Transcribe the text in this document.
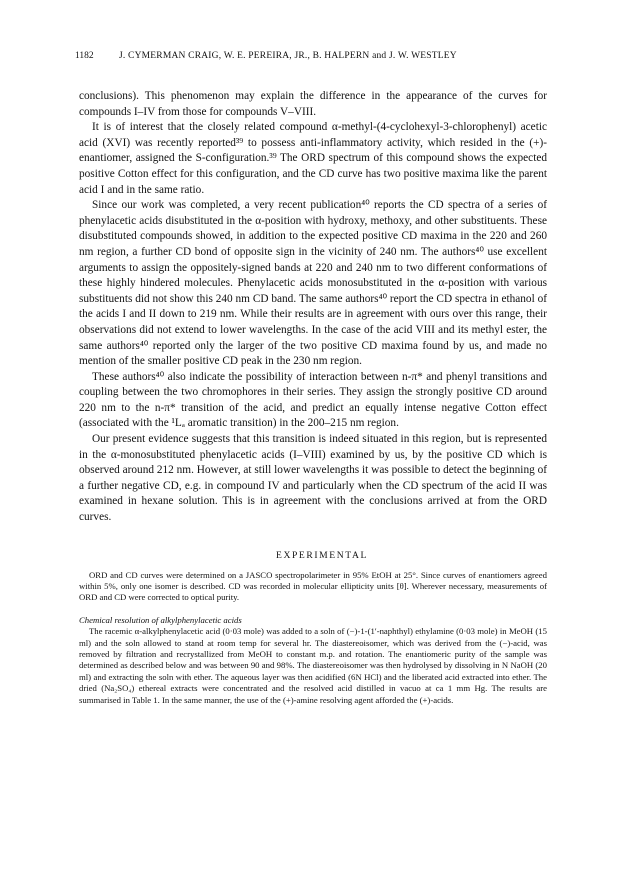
1182	J. CYMERMAN CRAIG, W. E. PEREIRA, JR., B. HALPERN and J. W. WESTLEY

conclusions). This phenomenon may explain the difference in the appearance of the curves for compounds I–IV from those for compounds V–VIII.

It is of interest that the closely related compound α-methyl-(4-cyclohexyl-3-chlorophenyl) acetic acid (XVI) was recently reported³⁹ to possess anti-inflammatory activity, which resided in the (+)-enantiomer, assigned the S-configuration.³⁹ The ORD spectrum of this compound shows the expected positive Cotton effect for this configuration, and the CD curve has two positive maxima like the parent acid I and in the same ratio.

Since our work was completed, a very recent publication⁴⁰ reports the CD spectra of a series of phenylacetic acids disubstituted in the α-position with hydroxy, methoxy, and other substituents. These disubstituted compounds showed, in addition to the expected positive CD maxima in the 220 and 260 nm region, a further CD bond of opposite sign in the vicinity of 240 nm. The authors⁴⁰ use excellent arguments to assign the oppositely-signed bands at 220 and 240 nm to two different conformations of these highly hindered molecules. Phenylacetic acids monosubstituted in the α-position with various substituents did not show this 240 nm CD band. The same authors⁴⁰ report the CD spectra in ethanol of the acids I and II down to 219 nm. While their results are in agreement with ours over this range, their observations did not extend to lower wavelengths. In the case of the acid VIII and its methyl ester, the same authors⁴⁰ reported only the larger of the two positive CD maxima found by us, and made no mention of the smaller positive CD peak in the 230 nm region.

These authors⁴⁰ also indicate the possibility of interaction between n-π* and phenyl transitions and coupling between the two chromophores in their series. They assign the strongly positive CD around 220 nm to the n-π* transition of the acid, and predict an equally intense negative Cotton effect (associated with the ¹Lₐ aromatic transition) in the 200–215 nm region.

Our present evidence suggests that this transition is indeed situated in this region, but is represented in the α-monosubstituted phenylacetic acids (I–VIII) examined by us, by the positive CD which is observed around 212 nm. However, at still lower wavelengths it was possible to detect the beginning of a further negative CD, e.g. in compound IV and particularly when the CD spectrum of the acid II was examined in hexane solution. This is in agreement with the conclusions arrived at from the ORD curves.

EXPERIMENTAL

ORD and CD curves were determined on a JASCO spectropolarimeter in 95% EtOH at 25°. Since curves of enantiomers agreed within 5%, only one isomer is described. CD was recorded in molecular ellipticity units [θ]. Wherever necessary, measurements of ORD and CD were corrected to optical purity.

Chemical resolution of alkylphenylacetic acids

The racemic α-alkylphenylacetic acid (0·03 mole) was added to a soln of (−)-1-(1′-naphthyl) ethylamine (0·03 mole) in MeOH (15 ml) and the soln allowed to stand at room temp for several hr. The diastereoisomer, which was derived from the (−)-acid, was removed by filtration and recrystallized from MeOH to constant m.p. and rotation. The enantiomeric purity of the sample was determined as described below and was between 90 and 98%. The diastereoisomer was then hydrolysed by dissolving in N NaOH (20 ml) and extracting the soln with ether. The aqueous layer was then acidified (6N HCl) and the liberated acid extracted into ether. The dried (Na₂SO₄) ethereal extracts were concentrated and the resolved acid distilled in vacuo at ca 1 mm Hg. The results are summarised in Table 1. In the same manner, the use of the (+)-amine resolving agent afforded the (+)-acids.
